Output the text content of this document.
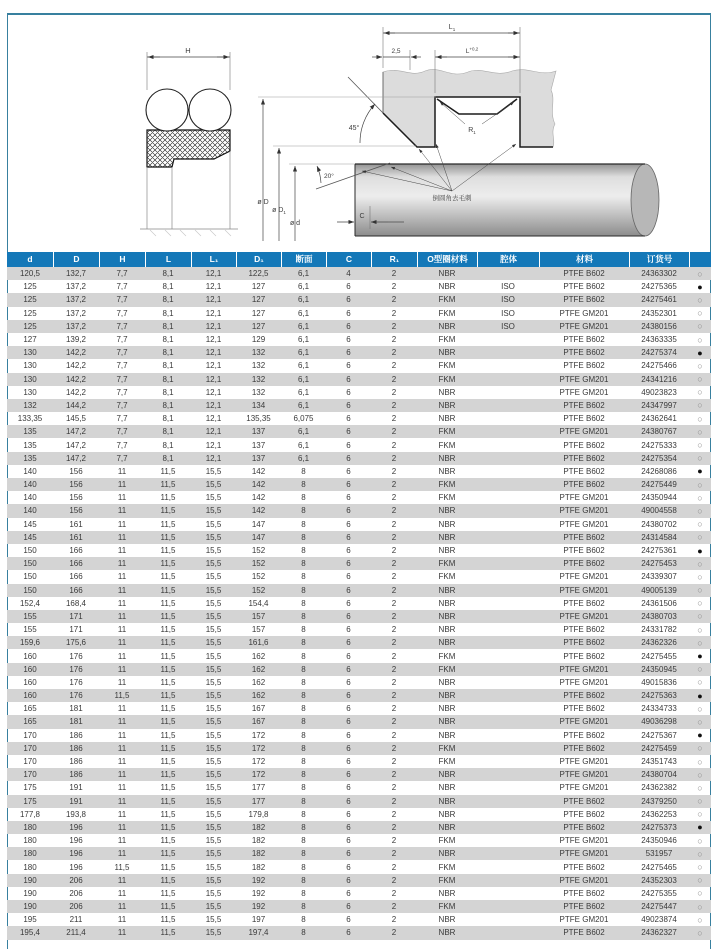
H
$R_1$
20°
45°
$L_1$
2,5	$L^{+0,2}$
C
ø D
ø $D_1$
ø d
倒圆角去毛刺
d	D	H	L	L₁	D₁	断面	C	R₁	O型圈材料	腔体	材料	订货号	
120,5	132,7	7,7	8,1	12,1	122,5	6,1	4	2	NBR		PTFE B602	24363302	○
125	137,2	7,7	8,1	12,1	127	6,1	6	2	NBR	ISO	PTFE B602	24275365	●
125	137,2	7,7	8,1	12,1	127	6,1	6	2	FKM	ISO	PTFE B602	24275461	○
125	137,2	7,7	8,1	12,1	127	6,1	6	2	FKM	ISO	PTFE GM201	24352301	○
125	137,2	7,7	8,1	12,1	127	6,1	6	2	NBR	ISO	PTFE GM201	24380156	○
127	139,2	7,7	8,1	12,1	129	6,1	6	2	FKM		PTFE B602	24363335	○
130	142,2	7,7	8,1	12,1	132	6,1	6	2	NBR		PTFE B602	24275374	●
130	142,2	7,7	8,1	12,1	132	6,1	6	2	FKM		PTFE B602	24275466	○
130	142,2	7,7	8,1	12,1	132	6,1	6	2	FKM		PTFE GM201	24341216	○
130	142,2	7,7	8,1	12,1	132	6,1	6	2	NBR		PTFE GM201	49023823	○
132	144,2	7,7	8,1	12,1	134	6,1	6	2	NBR		PTFE B602	24347997	○
133,35	145,5	7,7	8,1	12,1	135,35	6,075	6	2	NBR		PTFE B602	24362641	○
135	147,2	7,7	8,1	12,1	137	6,1	6	2	FKM		PTFE GM201	24380767	○
135	147,2	7,7	8,1	12,1	137	6,1	6	2	FKM		PTFE B602	24275333	○
135	147,2	7,7	8,1	12,1	137	6,1	6	2	NBR		PTFE B602	24275354	○
140	156	11	11,5	15,5	142	8	6	2	NBR		PTFE B602	24268086	●
140	156	11	11,5	15,5	142	8	6	2	FKM		PTFE B602	24275449	○
140	156	11	11,5	15,5	142	8	6	2	FKM		PTFE GM201	24350944	○
140	156	11	11,5	15,5	142	8	6	2	NBR		PTFE GM201	49004558	○
145	161	11	11,5	15,5	147	8	6	2	NBR		PTFE GM201	24380702	○
145	161	11	11,5	15,5	147	8	6	2	NBR		PTFE B602	24314584	○
150	166	11	11,5	15,5	152	8	6	2	NBR		PTFE B602	24275361	●
150	166	11	11,5	15,5	152	8	6	2	FKM		PTFE B602	24275453	○
150	166	11	11,5	15,5	152	8	6	2	FKM		PTFE GM201	24339307	○
150	166	11	11,5	15,5	152	8	6	2	NBR		PTFE GM201	49005139	○
152,4	168,4	11	11,5	15,5	154,4	8	6	2	NBR		PTFE B602	24361506	○
155	171	11	11,5	15,5	157	8	6	2	NBR		PTFE GM201	24380703	○
155	171	11	11,5	15,5	157	8	6	2	NBR		PTFE B602	24331782	○
159,6	175,6	11	11,5	15,5	161,6	8	6	2	NBR		PTFE B602	24362326	○
160	176	11	11,5	15,5	162	8	6	2	FKM		PTFE B602	24275455	●
160	176	11	11,5	15,5	162	8	6	2	FKM		PTFE GM201	24350945	○
160	176	11	11,5	15,5	162	8	6	2	NBR		PTFE GM201	49015836	○
160	176	11,5	11,5	15,5	162	8	6	2	NBR		PTFE B602	24275363	●
165	181	11	11,5	15,5	167	8	6	2	NBR		PTFE B602	24334733	○
165	181	11	11,5	15,5	167	8	6	2	NBR		PTFE GM201	49036298	○
170	186	11	11,5	15,5	172	8	6	2	NBR		PTFE B602	24275367	●
170	186	11	11,5	15,5	172	8	6	2	FKM		PTFE B602	24275459	○
170	186	11	11,5	15,5	172	8	6	2	FKM		PTFE GM201	24351743	○
170	186	11	11,5	15,5	172	8	6	2	NBR		PTFE GM201	24380704	○
175	191	11	11,5	15,5	177	8	6	2	NBR		PTFE GM201	24362382	○
175	191	11	11,5	15,5	177	8	6	2	NBR		PTFE B602	24379250	○
177,8	193,8	11	11,5	15,5	179,8	8	6	2	NBR		PTFE B602	24362253	○
180	196	11	11,5	15,5	182	8	6	2	NBR		PTFE B602	24275373	●
180	196	11	11,5	15,5	182	8	6	2	FKM		PTFE GM201	24350946	○
180	196	11	11,5	15,5	182	8	6	2	NBR		PTFE GM201	531957	○
180	196	11,5	11,5	15,5	182	8	6	2	FKM		PTFE B602	24275465	○
190	206	11	11,5	15,5	192	8	6	2	FKM		PTFE GM201	24352303	○
190	206	11	11,5	15,5	192	8	6	2	NBR		PTFE B602	24275355	○
190	206	11	11,5	15,5	192	8	6	2	FKM		PTFE B602	24275447	○
195	211	11	11,5	15,5	197	8	6	2	NBR		PTFE GM201	49023874	○
195,4	211,4	11	11,5	15,5	197,4	8	6	2	NBR		PTFE B602	24362327	○
